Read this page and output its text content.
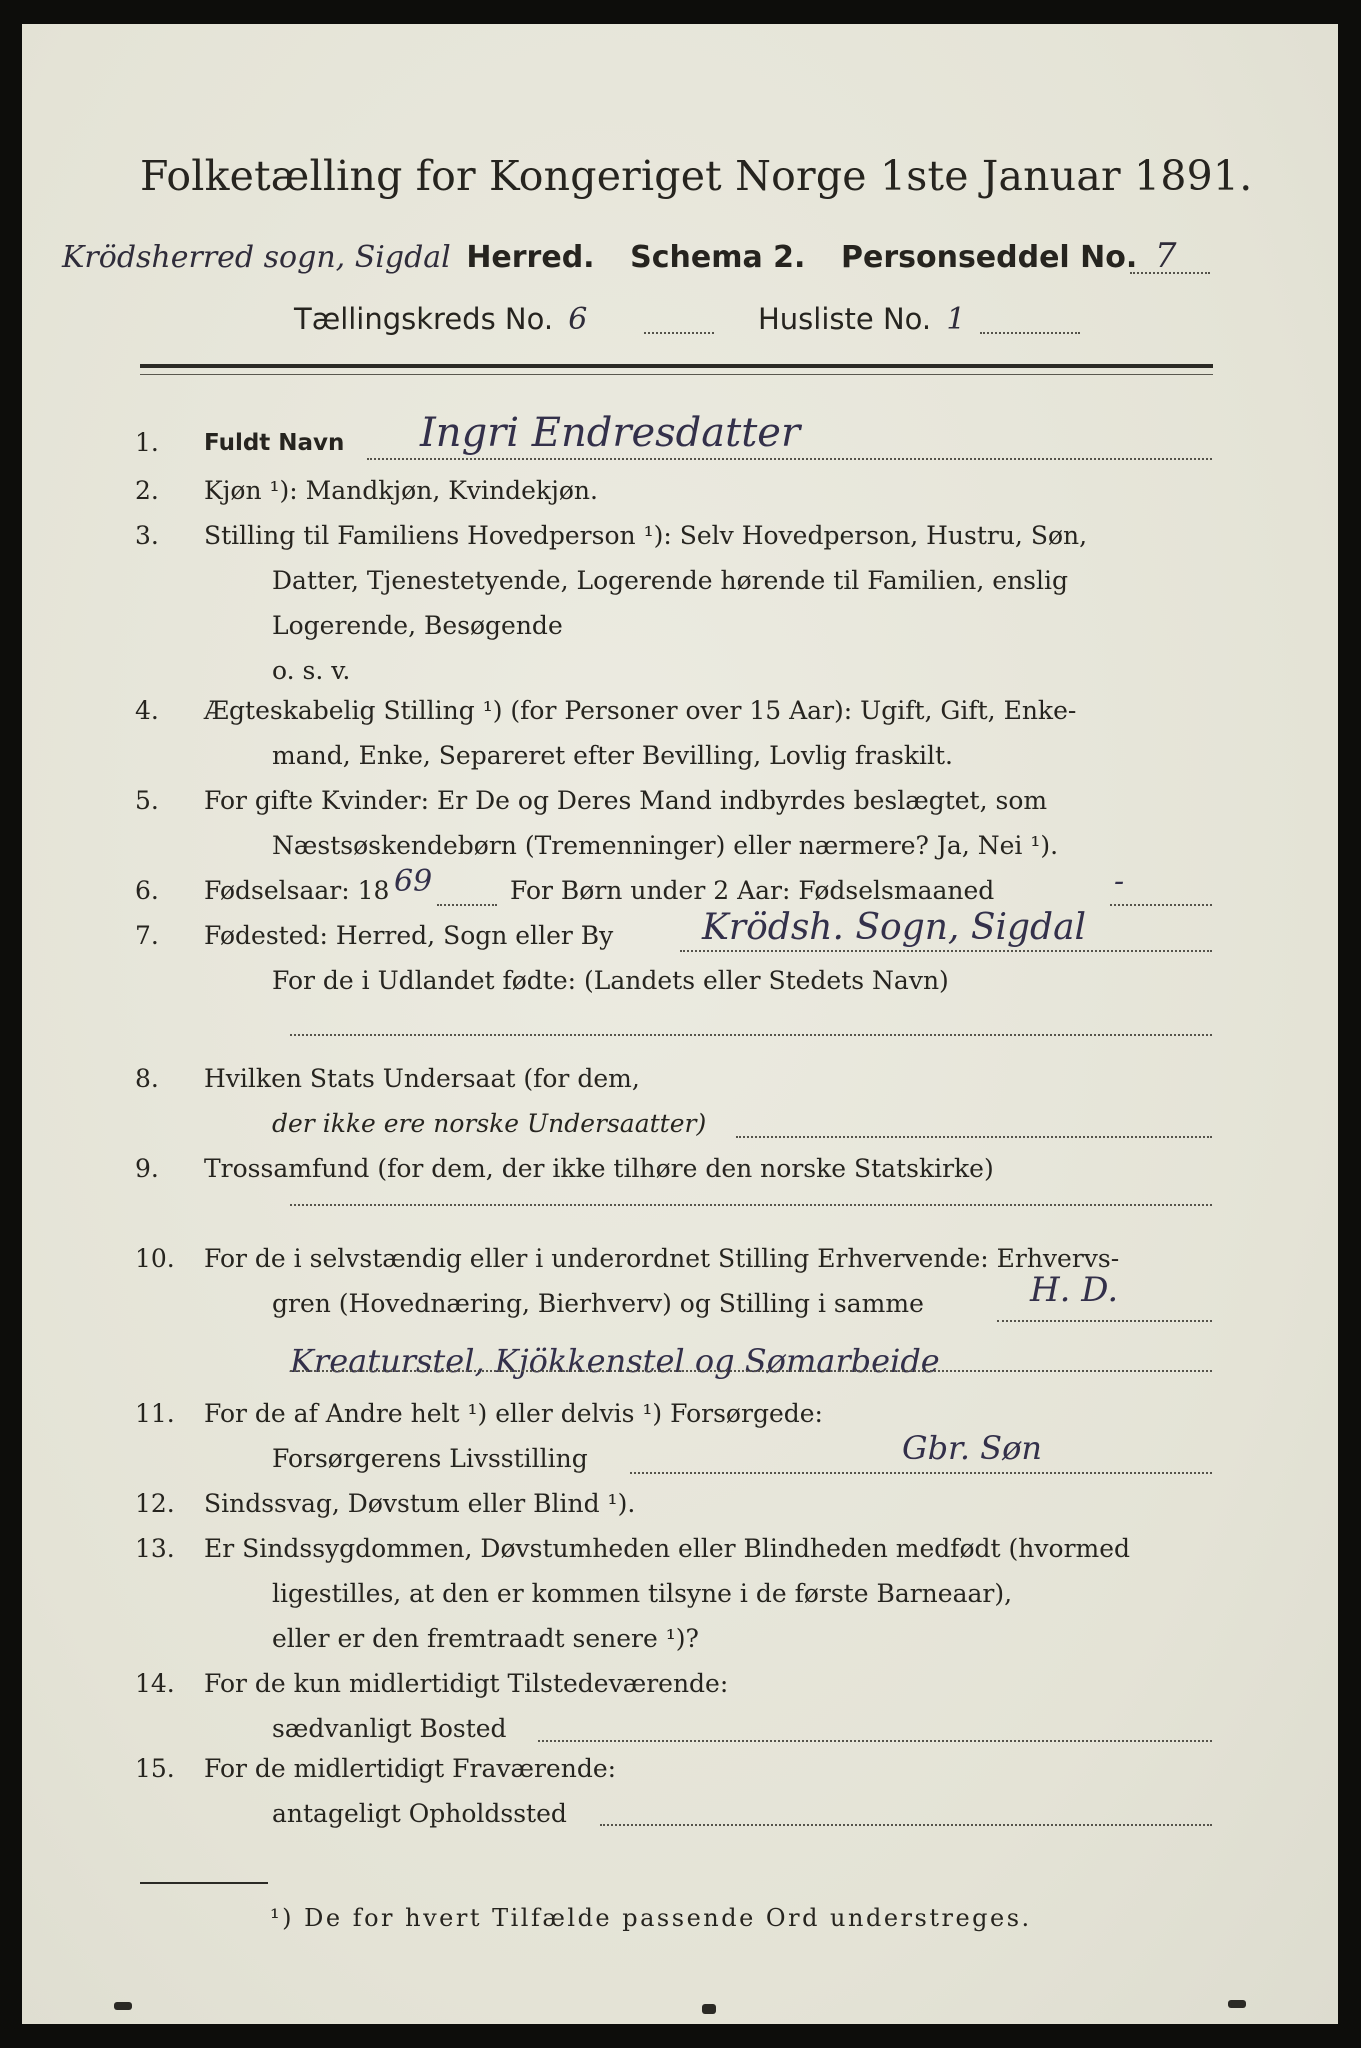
Folketælling for Kongeriget Norge 1ste Januar 1891.
Krödsherred sogn, Sigdal Herred. Schema 2. Personseddel No. 7
Tællingskreds No. 6	Husliste No. 1
1.	Fuldt Navn Ingri Endresdatter
2.	Kjøn ¹): Mandkjøn, Kvindekjøn.
3.	Stilling til Familiens Hovedperson ¹): Selv Hovedperson, Hustru, Søn,
Datter, Tjenestetyende, Logerende hørende til Familien, enslig
Logerende, Besøgende
o. s. v.
4.	Ægteskabelig Stilling ¹) (for Personer over 15 Aar): Ugift, Gift, Enke-
mand, Enke, Separeret efter Bevilling, Lovlig fraskilt.
5.	For gifte Kvinder: Er De og Deres Mand indbyrdes beslægtet, som
Næstsøskendebørn (Tremenninger) eller nærmere? Ja, Nei ¹).
6.	Fødselsaar: 18 69	For Børn under 2 Aar: Fødselsmaaned	-
7.	Fødested: Herred, Sogn eller By Krödsh. Sogn, Sigdal
For de i Udlandet fødte: (Landets eller Stedets Navn)
8.	Hvilken Stats Undersaat (for dem,
der ikke ere norske Undersaatter)
9.	Trossamfund (for dem, der ikke tilhøre den norske Statskirke)
10.	For de i selvstændig eller i underordnet Stilling Erhvervende: Erhvervs-
gren (Hovednæring, Bierhverv) og Stilling i samme	H. D.
Kreaturstel, Kjökkenstel og Sømarbeide
11.	For de af Andre helt ¹) eller delvis ¹) Forsørgede:
Forsørgerens Livsstilling	Gbr. Søn
12.	Sindssvag, Døvstum eller Blind ¹).
13.	Er Sindssygdommen, Døvstumheden eller Blindheden medfødt (hvormed
ligestilles, at den er kommen tilsyne i de første Barneaar),
eller er den fremtraadt senere ¹)?
14.	For de kun midlertidigt Tilstedeværende:
sædvanligt Bosted
15.	For de midlertidigt Fraværende:
antageligt Opholdssted
¹) De for hvert Tilfælde passende Ord understreges.
